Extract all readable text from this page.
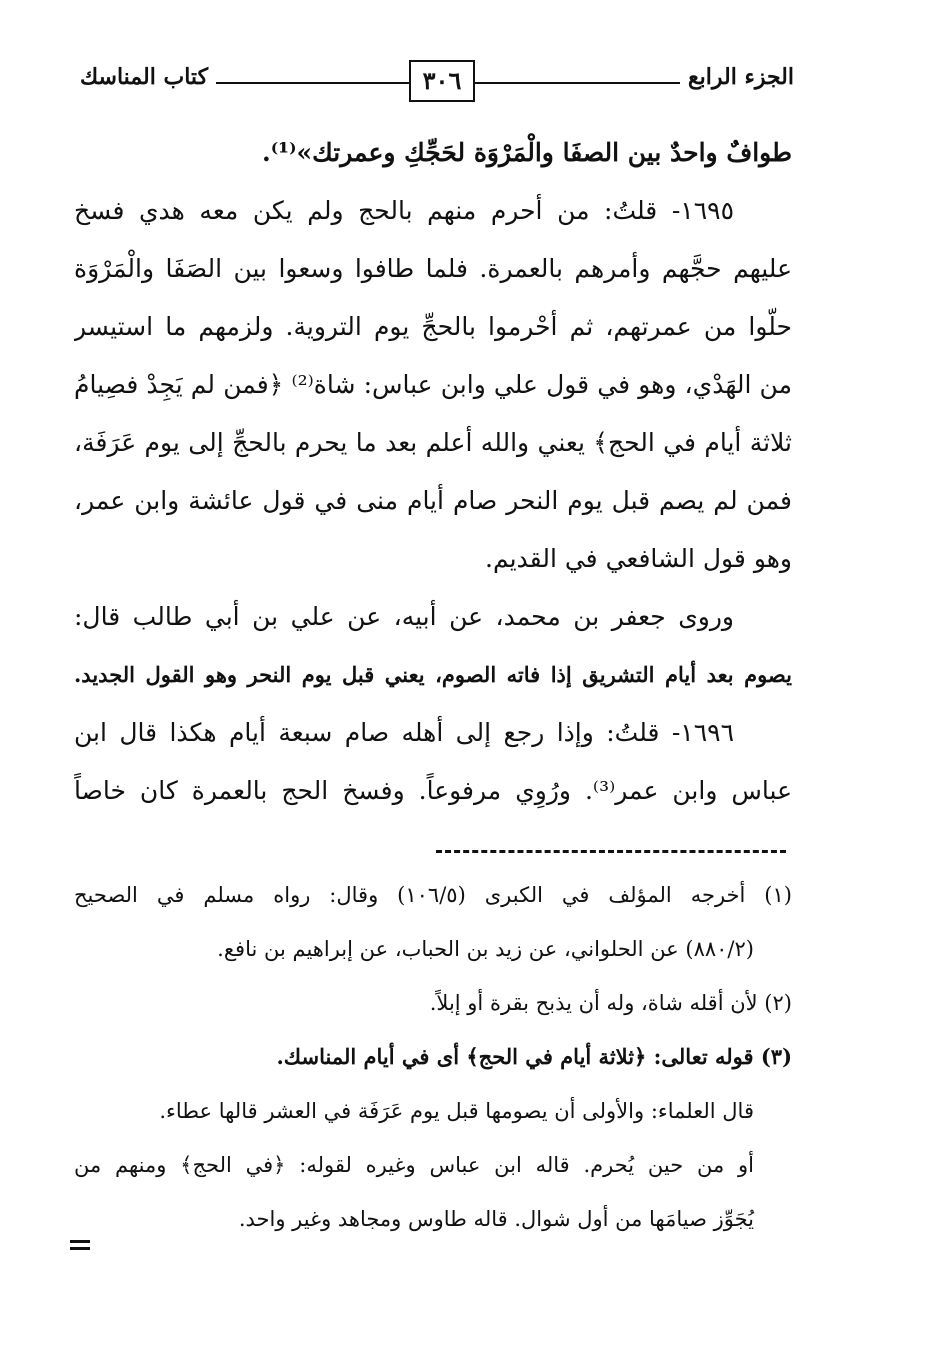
كتاب المناسك	٣٠٦	الجزء الرابع
طوافٌ واحدٌ بين الصفَا والْمَرْوَة لحَجِّكِ وعمرتك»⁽¹⁾.
١٦٩٥- قلتُ: من أحرم منهم بالحج ولم يكن معه هدي فسخ
عليهم حجَّهم وأمرهم بالعمرة. فلما طافوا وسعوا بين الصَفَا والْمَرْوَة
حلّوا من عمرتهم، ثم أحْرموا بالحجِّ يوم التروية. ولزمهم ما استيسر
من الهَدْي، وهو في قول علي وابن عباس: شاة⁽²⁾ ﴿فمن لم يَجِدْ فصِيامُ
ثلاثة أيام في الحج﴾ يعني والله أعلم بعد ما يحرم بالحجِّ إلى يوم عَرَفَة،
فمن لم يصم قبل يوم النحر صام أيام منى في قول عائشة وابن عمر،
وهو قول الشافعي في القديم.
وروى جعفر بن محمد، عن أبيه، عن علي بن أبي طالب قال:
يصوم بعد أيام التشريق إذا فاته الصوم، يعني قبل يوم النحر وهو القول الجديد.
١٦٩٦- قلتُ: وإذا رجع إلى أهله صام سبعة أيام هكذا قال ابن
عباس وابن عمر⁽³⁾. ورُوِي مرفوعاً. وفسخ الحج بالعمرة كان خاصاً
(١) أخرجه المؤلف في الكبرى (١٠٦/٥) وقال: رواه مسلم في الصحيح
(٨٨٠/٢) عن الحلواني، عن زيد بن الحباب، عن إبراهيم بن نافع.
(٢) لأن أقله شاة، وله أن يذبح بقرة أو إبلاً.
(٣) قوله تعالى: ﴿ثلاثة أيام في الحج﴾ أى في أيام المناسك.
قال العلماء: والأولى أن يصومها قبل يوم عَرَفَة في العشر قالها عطاء.
أو من حين يُحرم. قاله ابن عباس وغيره لقوله: ﴿في الحج﴾ ومنهم من
يُجَوِّز صيامَها من أول شوال. قاله طاوس ومجاهد وغير واحد.
